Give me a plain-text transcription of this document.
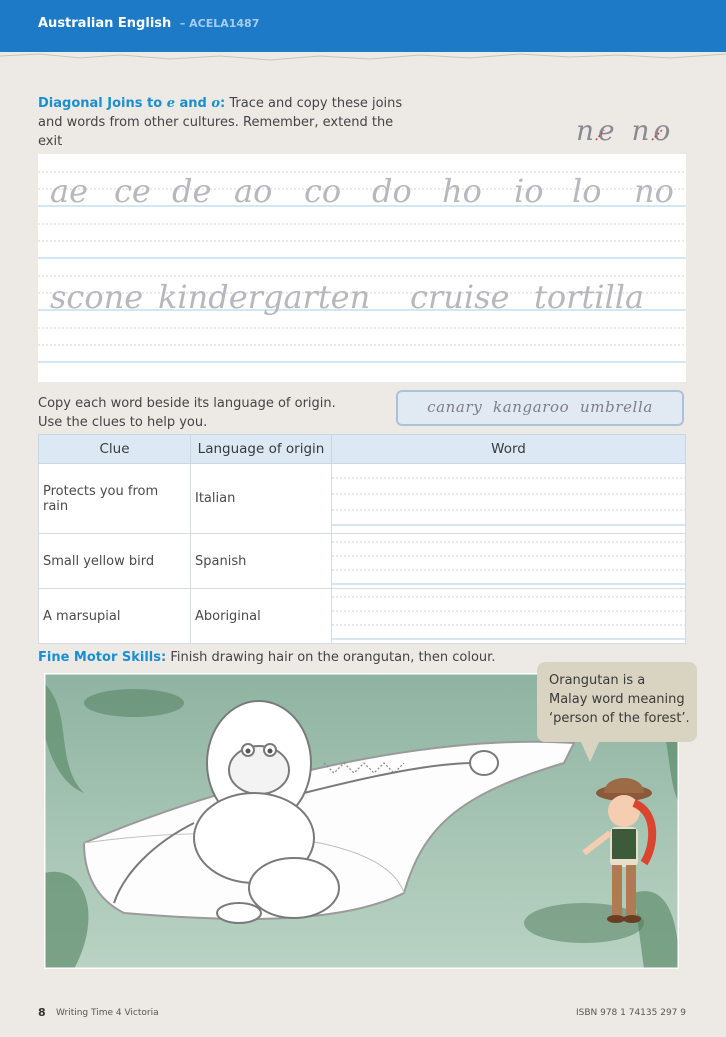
Australian English – ACELA1487
Diagonal Joins to e and o: Trace and copy these joins
and words from other cultures. Remember, extend the exit	ne no
ae ce de ao co do ho io lo no
scone kindergarten cruise tortilla
Copy each word beside its language of origin.
Use the clues to help you.
canary  kangaroo  umbrella
Clue	Language of origin	Word
Protects you from rain	Italian	

Small yellow bird	Spanish	

A marsupial	Aboriginal	
Fine Motor Skills: Finish drawing hair on the orangutan, then colour.
Orangutan is a
Malay word meaning
‘person of the forest’.
8 Writing Time 4 Victoria	ISBN 978 1 74135 297 9
